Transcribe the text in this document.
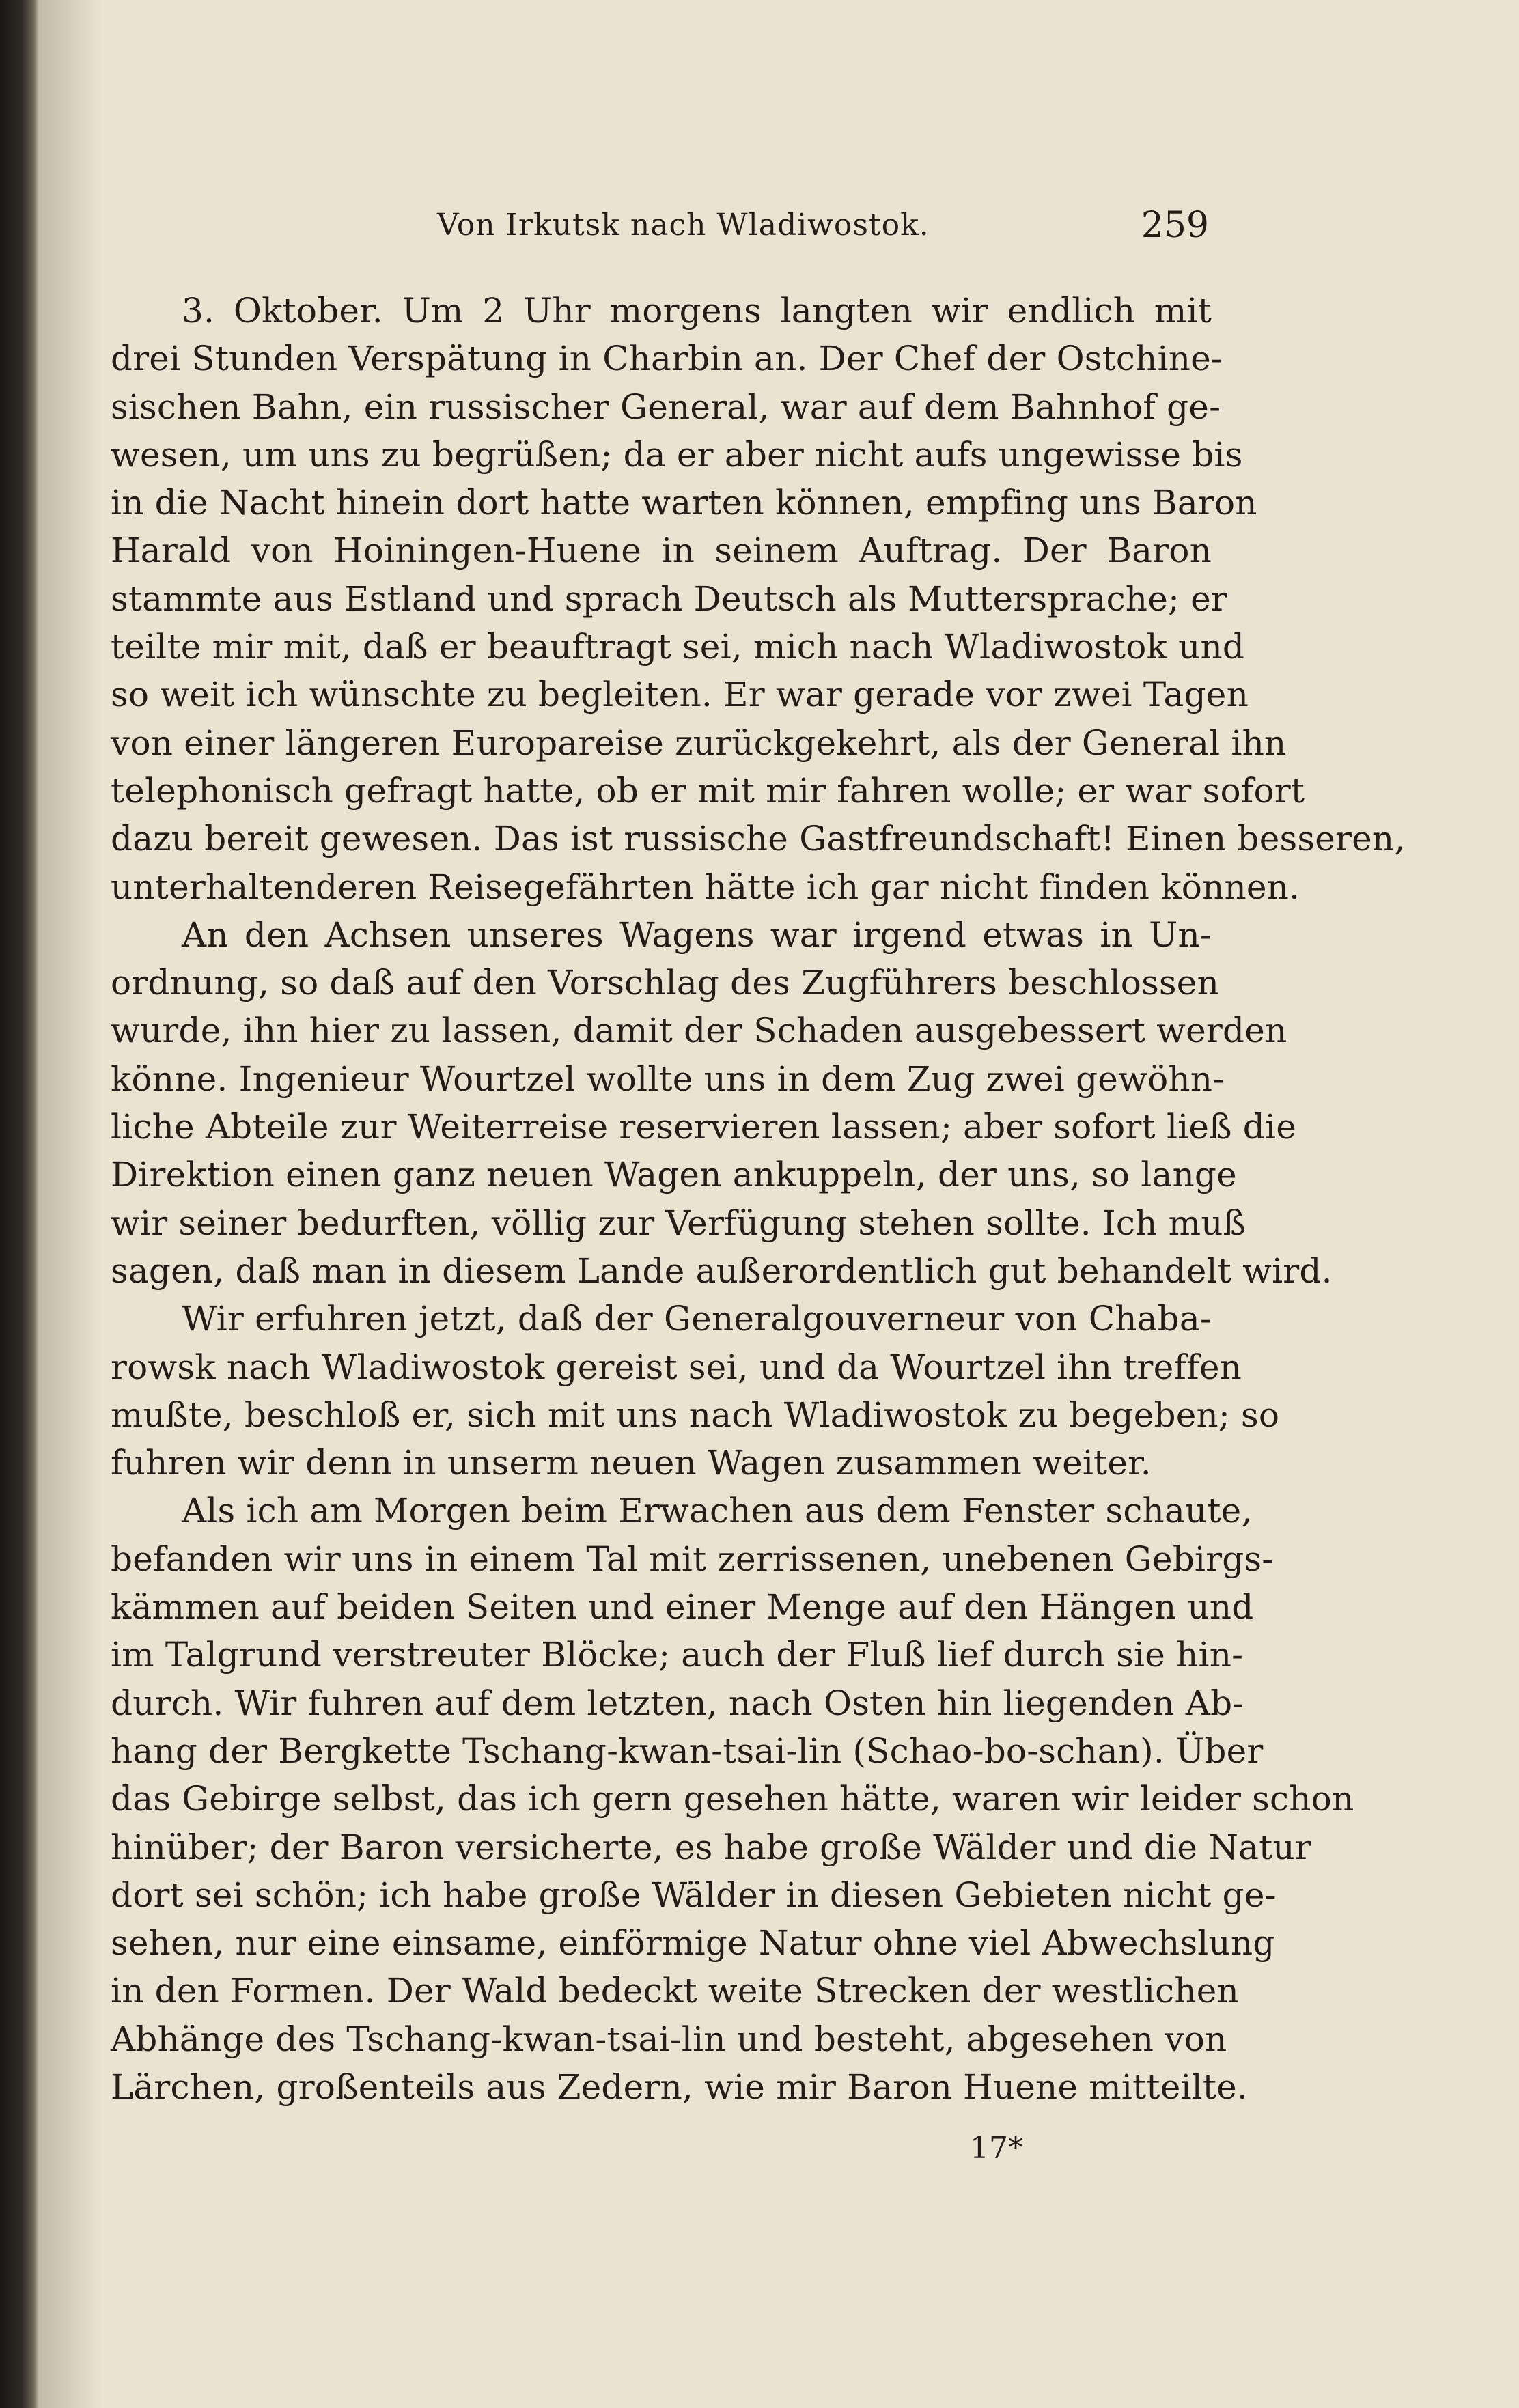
Von Irkutsk nach Wladiwostok.	259
3. Oktober. Um 2 Uhr morgens langten wir endlich mit
drei Stunden Verspätung in Charbin an. Der Chef der Ostchine-
sischen Bahn, ein russischer General, war auf dem Bahnhof ge-
wesen, um uns zu begrüßen; da er aber nicht aufs ungewisse bis
in die Nacht hinein dort hatte warten können, empfing uns Baron
Harald von Hoiningen-Huene in seinem Auftrag. Der Baron
stammte aus Estland und sprach Deutsch als Muttersprache; er
teilte mir mit, daß er beauftragt sei, mich nach Wladiwostok und
so weit ich wünschte zu begleiten. Er war gerade vor zwei Tagen
von einer längeren Europareise zurückgekehrt, als der General ihn
telephonisch gefragt hatte, ob er mit mir fahren wolle; er war sofort
dazu bereit gewesen. Das ist russische Gastfreundschaft! Einen besseren,
unterhaltenderen Reisegefährten hätte ich gar nicht finden können.
An den Achsen unseres Wagens war irgend etwas in Un-
ordnung, so daß auf den Vorschlag des Zugführers beschlossen
wurde, ihn hier zu lassen, damit der Schaden ausgebessert werden
könne. Ingenieur Wourtzel wollte uns in dem Zug zwei gewöhn-
liche Abteile zur Weiterreise reservieren lassen; aber sofort ließ die
Direktion einen ganz neuen Wagen ankuppeln, der uns, so lange
wir seiner bedurften, völlig zur Verfügung stehen sollte. Ich muß
sagen, daß man in diesem Lande außerordentlich gut behandelt wird.
Wir erfuhren jetzt, daß der Generalgouverneur von Chaba-
rowsk nach Wladiwostok gereist sei, und da Wourtzel ihn treffen
mußte, beschloß er, sich mit uns nach Wladiwostok zu begeben; so
fuhren wir denn in unserm neuen Wagen zusammen weiter.
Als ich am Morgen beim Erwachen aus dem Fenster schaute,
befanden wir uns in einem Tal mit zerrissenen, unebenen Gebirgs-
kämmen auf beiden Seiten und einer Menge auf den Hängen und
im Talgrund verstreuter Blöcke; auch der Fluß lief durch sie hin-
durch. Wir fuhren auf dem letzten, nach Osten hin liegenden Ab-
hang der Bergkette Tschang-kwan-tsai-lin (Schao-bo-schan). Über
das Gebirge selbst, das ich gern gesehen hätte, waren wir leider schon
hinüber; der Baron versicherte, es habe große Wälder und die Natur
dort sei schön; ich habe große Wälder in diesen Gebieten nicht ge-
sehen, nur eine einsame, einförmige Natur ohne viel Abwechslung
in den Formen. Der Wald bedeckt weite Strecken der westlichen
Abhänge des Tschang-kwan-tsai-lin und besteht, abgesehen von
Lärchen, großenteils aus Zedern, wie mir Baron Huene mitteilte.
17*
